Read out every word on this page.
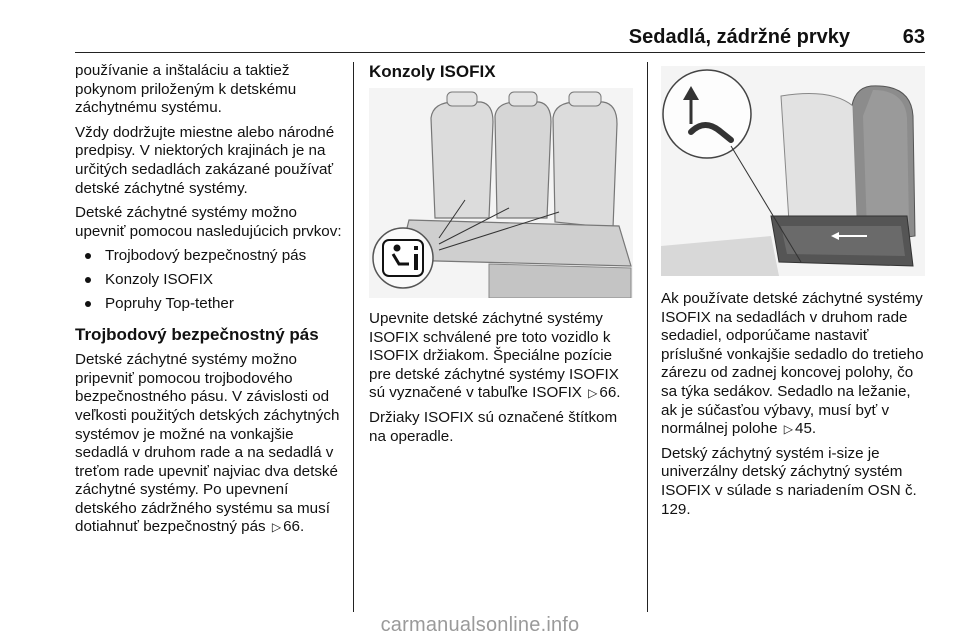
Sedadlá, zádržné prvky	63

používanie a inštaláciu a taktiež pokynom priloženým k detskému záchytnému systému.

Vždy dodržujte miestne alebo národné predpisy. V niektorých krajinách je na určitých sedadlách zakázané používať detské záchytné systémy.

Detské záchytné systémy možno upevniť pomocou nasledujúcich prvkov:

Trojbodový bezpečnostný pás
Konzoly ISOFIX
Popruhy Top-tether
Trojbodový bezpečnostný pás

Detské záchytné systémy možno pripevniť pomocou trojbodového bezpečnostného pásu. V závislosti od veľkosti použitých detských záchytných systémov je možné na vonkajšie sedadlá v druhom rade a na sedadlá v treťom rade upevniť najviac dva detské záchytné systémy. Po upevnení detského zádržného systému sa musí dotiahnuť bezpečnostný pás ▷ 66.

Konzoly ISOFIX

Upevnite detské záchytné systémy ISOFIX schválené pre toto vozidlo k ISOFIX držiakom. Špeciálne pozície pre detské záchytné systémy ISOFIX sú vyznačené v tabuľke ISOFIX ▷ 66.

Držiaky ISOFIX sú označené štítkom na operadle.

Ak používate detské záchytné systémy ISOFIX na sedadlách v druhom rade sedadiel, odporúčame nastaviť príslušné vonkajšie sedadlo do tretieho zárezu od zadnej koncovej polohy, čo sa týka sedákov. Sedadlo na ležanie, ak je súčasťou výbavy, musí byť v normálnej polohe ▷ 45.

Detský záchytný systém i-size je univerzálny detský záchytný systém ISOFIX v súlade s nariadením OSN č. 129.

carmanualsonline.info
